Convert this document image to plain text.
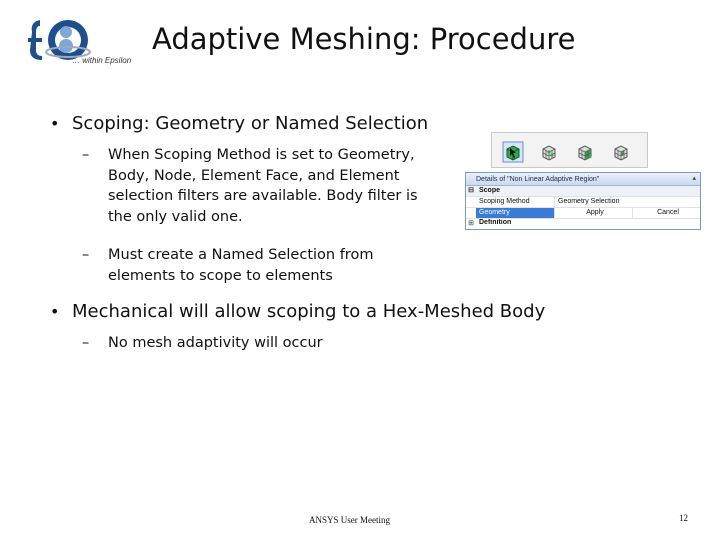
… within Epsilon
Adaptive Meshing: Procedure
• Scoping: Geometry or Named Selection
–	When Scoping Method is set to Geometry,
Body, Node, Element Face, and Element
selection filters are available. Body filter is
the only valid one.
–	Must create a Named Selection from
elements to scope to elements
• Mechanical will allow scoping to a Hex-Meshed Body
–	No mesh adaptivity will occur
Details of "Non Linear Adaptive Region"	▴
⊟ Scope
Scoping Method	Geometry Selection
Geometry	Apply	Cancel
⊞ Definition
ANSYS User Meeting	12
